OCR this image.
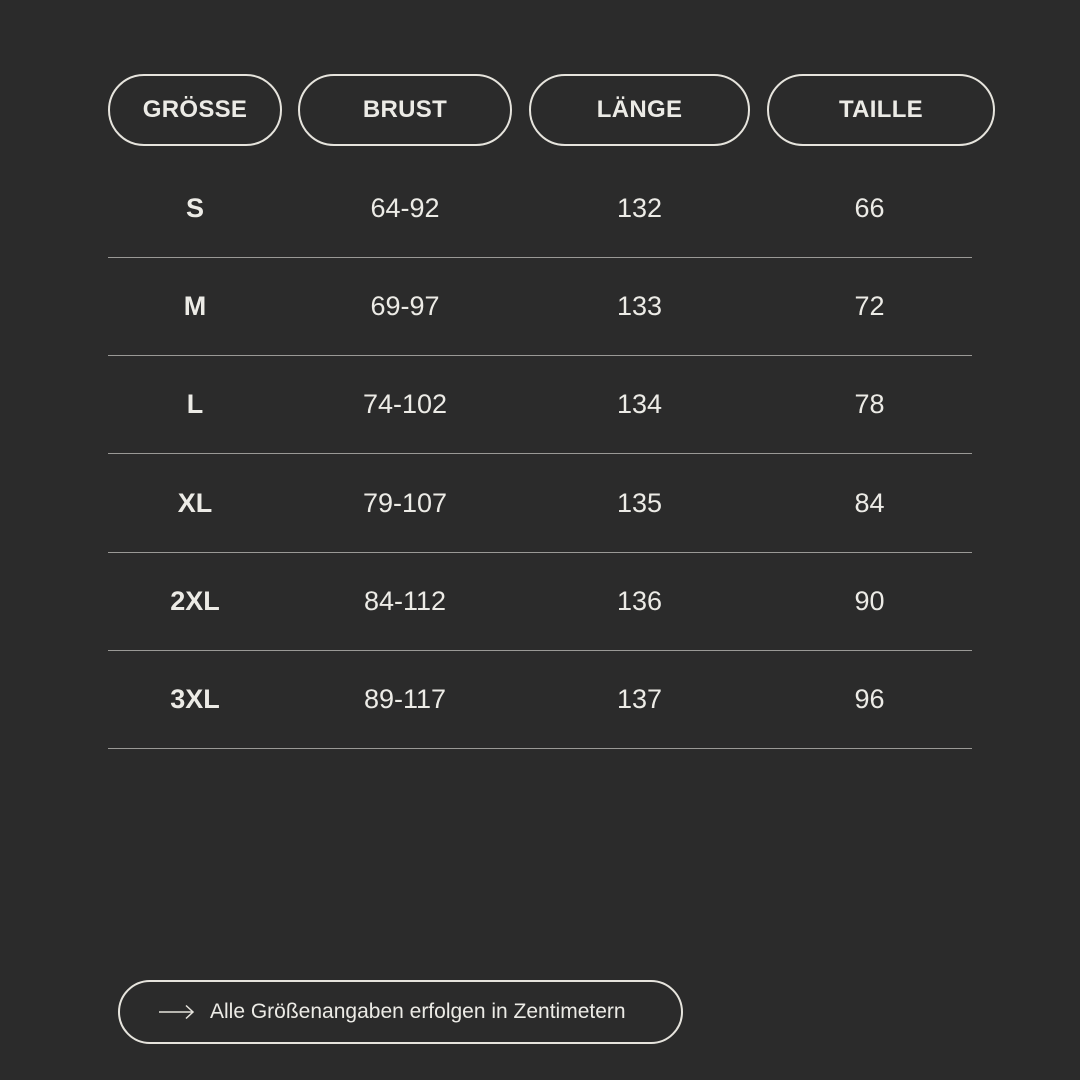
GRÖSSE	BRUST	LÄNGE	TAILLE
S	64-92	132	66
M	69-97	133	72
L	74-102	134	78
XL	79-107	135	84
2XL	84-112	136	90
3XL	89-117	137	96
Alle Größenangaben erfolgen in Zentimetern
